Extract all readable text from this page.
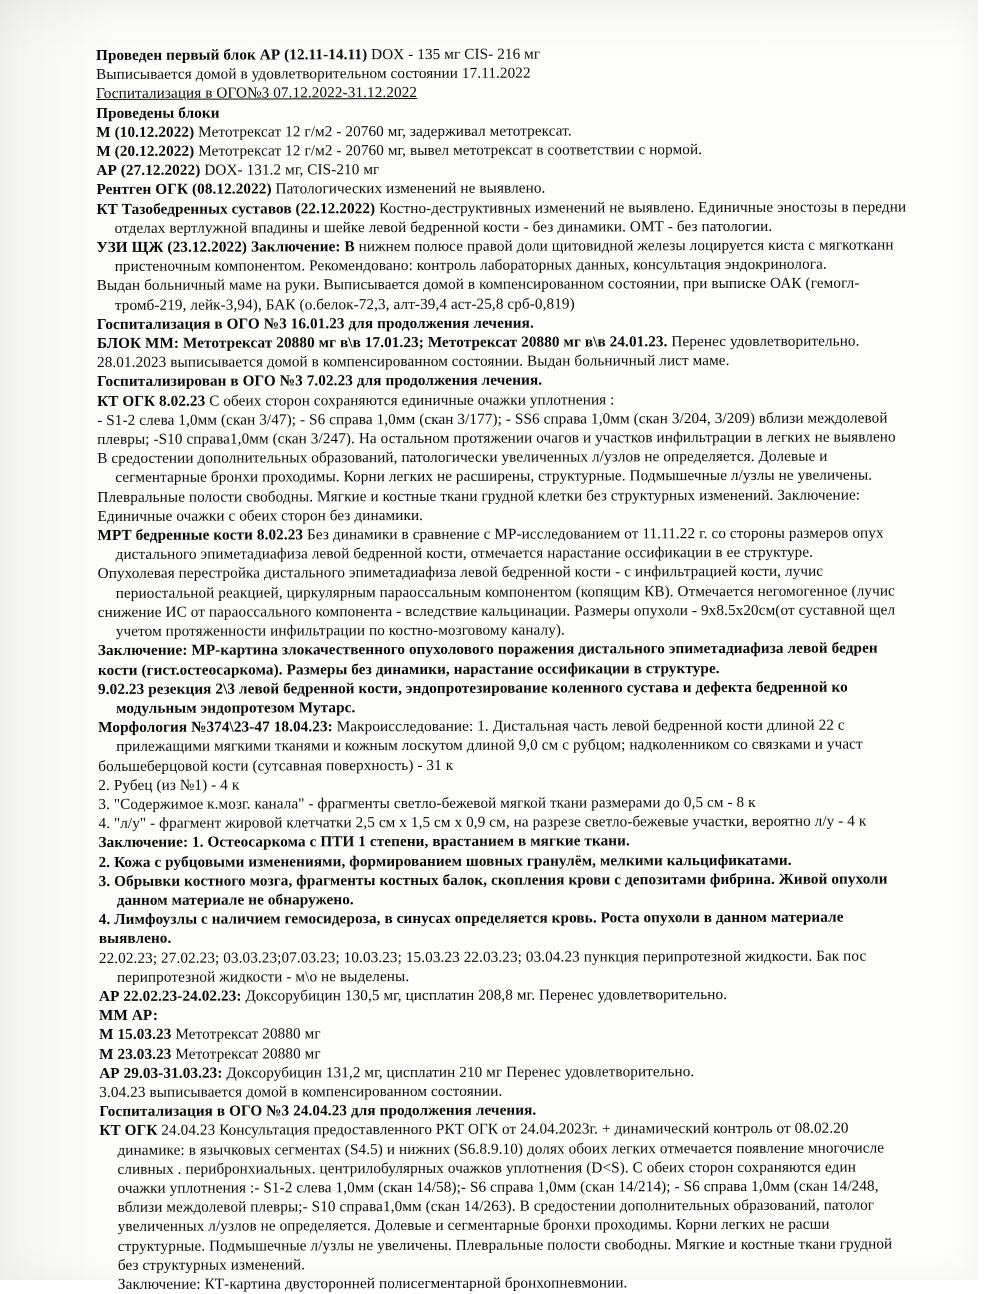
Проведен первый блок АР (12.11-14.11) DOX - 135 мг CIS- 216 мг

Выписывается домой в удовлетворительном состоянии 17.11.2022

Госпитализация в ОГО№3 07.12.2022-31.12.2022

Проведены блоки

М (10.12.2022) Метотрексат 12 г/м2 - 20760 мг, задерживал метотрексат.

М (20.12.2022) Метотрексат 12 г/м2 - 20760 мг, вывел метотрексат в соответствии с нормой.

АР (27.12.2022) DOX- 131.2 мг, CIS-210 мг

Рентген ОГК (08.12.2022) Патологических изменений не выявлено.

КТ Тазобедренных суставов (22.12.2022) Костно-деструктивных изменений не выявлено. Единичные эностозы в передни

отделах вертлужной впадины и шейке левой бедренной кости - без динамики. ОМТ - без патологии.

УЗИ ЩЖ (23.12.2022) Заключение: В нижнем полюсе правой доли щитовидной железы лоцируется киста с мягкотканн

пристеночным компонентом. Рекомендовано: контроль лабораторных данных, консультация эндокринолога.

Выдан больничный маме на руки. Выписывается домой в компенсированном состоянии, при выписке ОАК (гемогл-

тромб-219, лейк-3,94), БАК (о.белок-72,3, алт-39,4 аст-25,8 срб-0,819)

Госпитализация в ОГО №3 16.01.23 для продолжения лечения.

БЛОК ММ: Метотрексат 20880 мг в\в 17.01.23; Метотрексат 20880 мг в\в 24.01.23. Перенес удовлетворительно.

28.01.2023 выписывается домой в компенсированном состоянии. Выдан больничный лист маме.

Госпитализирован в ОГО №3 7.02.23 для продолжения лечения.

КТ ОГК 8.02.23 С обеих сторон сохраняются единичные очажки уплотнения :

- S1-2 слева 1,0мм (скан 3/47); - S6 справа 1,0мм (скан 3/177); - SS6 справа 1,0мм (скан 3/204, 3/209) вблизи междолевой

плевры; -S10 справа1,0мм (скан 3/247). На остальном протяжении очагов и участков инфильтрации в легких не выявлено

В средостении дополнительных образований, патологически увеличенных л/узлов не определяется. Долевые и

сегментарные бронхи проходимы. Корни легких не расширены, структурные. Подмышечные л/узлы не увеличены.

Плевральные полости свободны. Мягкие и костные ткани грудной клетки без структурных изменений. Заключение:

Единичные очажки с обеих сторон без динамики.

МРТ бедренные кости 8.02.23 Без динамики в сравнение с МР-исследованием от 11.11.22 г. со стороны размеров опух

дистального эпиметадиафиза левой бедренной кости, отмечается нарастание оссификации в ее структуре.

Опухолевая перестройка дистального эпиметадиафиза левой бедренной кости - с инфильтрацией кости, лучис

периостальной реакцией, циркулярным параоссальным компонентом (копящим КВ). Отмечается негомогенное (лучис

снижение ИС от параоссального компонента - вследствие кальцинации. Размеры опухоли - 9х8.5х20см(от суставной щел

учетом протяженности инфильтрации по костно-мозговому каналу).

Заключение: МР-картина злокачественного опухолового поражения дистального эпиметадиафиза левой бедрен

кости (гист.остеосаркома). Размеры без динамики, нарастание оссификации в структуре.

9.02.23 резекция 2\3 левой бедренной кости, эндопротезирование коленного сустава и дефекта бедренной ко

модульным эндопротезом Мутарс.

Морфология №374\23-47 18.04.23: Макроисследование: 1. Дистальная часть левой бедренной кости длиной 22 с

прилежащими мягкими тканями и кожным лоскутом длиной 9,0 см с рубцом; надколенником со связками и участ

большеберцовой кости (сутсавная поверхность) - 31 к

2. Рубец (из №1) - 4 к

3. "Содержимое к.мозг. канала" - фрагменты светло-бежевой мягкой ткани размерами до 0,5 см - 8 к

4. "л/у" - фрагмент жировой клетчатки 2,5 см х 1,5 см х 0,9 см, на разрезе светло-бежевые участки, вероятно л/у - 4 к

Заключение: 1. Остеосаркома с ПТИ 1 степени, врастанием в мягкие ткани.

2. Кожа с рубцовыми изменениями, формированием шовных гранулём, мелкими кальцификатами.

3. Обрывки костного мозга, фрагменты костных балок, скопления крови с депозитами фибрина. Живой опухоли

данном материале не обнаружено.

4. Лимфоузлы с наличием гемосидероза, в синусах определяется кровь. Роста опухоли в данном материале

выявлено.

22.02.23; 27.02.23; 03.03.23;07.03.23; 10.03.23; 15.03.23 22.03.23; 03.04.23 пункция перипротезной жидкости. Бак пос

перипротезной жидкости - м\о не выделены.

АР 22.02.23-24.02.23: Доксорубицин 130,5 мг, цисплатин 208,8 мг. Перенес удовлетворительно.

ММ АР:

М 15.03.23 Метотрексат 20880 мг

М 23.03.23 Метотрексат 20880 мг

АР 29.03-31.03.23: Доксорубицин 131,2 мг, цисплатин 210 мг Перенес удовлетворительно.

3.04.23 выписывается домой в компенсированном состоянии.

Госпитализация в ОГО №3 24.04.23 для продолжения лечения.

КТ ОГК 24.04.23 Консультация предоставленного РКТ ОГК от 24.04.2023г. + динамический контроль от 08.02.20

динамике: в язычковых сегментах (S4.5) и нижних (S6.8.9.10) долях обоих легких отмечается появление многочисле

сливных . перибронхиальных. центрилобулярных очажков уплотнения (D<S). С обеих сторон сохраняются един

очажки уплотнения :- S1-2 слева 1,0мм (скан 14/58);- S6 справа 1,0мм (скан 14/214); - S6 справа 1,0мм (скан 14/248,

вблизи междолевой плевры;- S10 справа1,0мм (скан 14/263). В средостении дополнительных образований, патолог

увеличенных л/узлов не определяется. Долевые и сегментарные бронхи проходимы. Корни легких не расши

структурные. Подмышечные л/узлы не увеличены. Плевральные полости свободны. Мягкие и костные ткани грудной

без структурных изменений.

Заключение: КТ-картина двусторонней полисегментарной бронхопневмонии.
